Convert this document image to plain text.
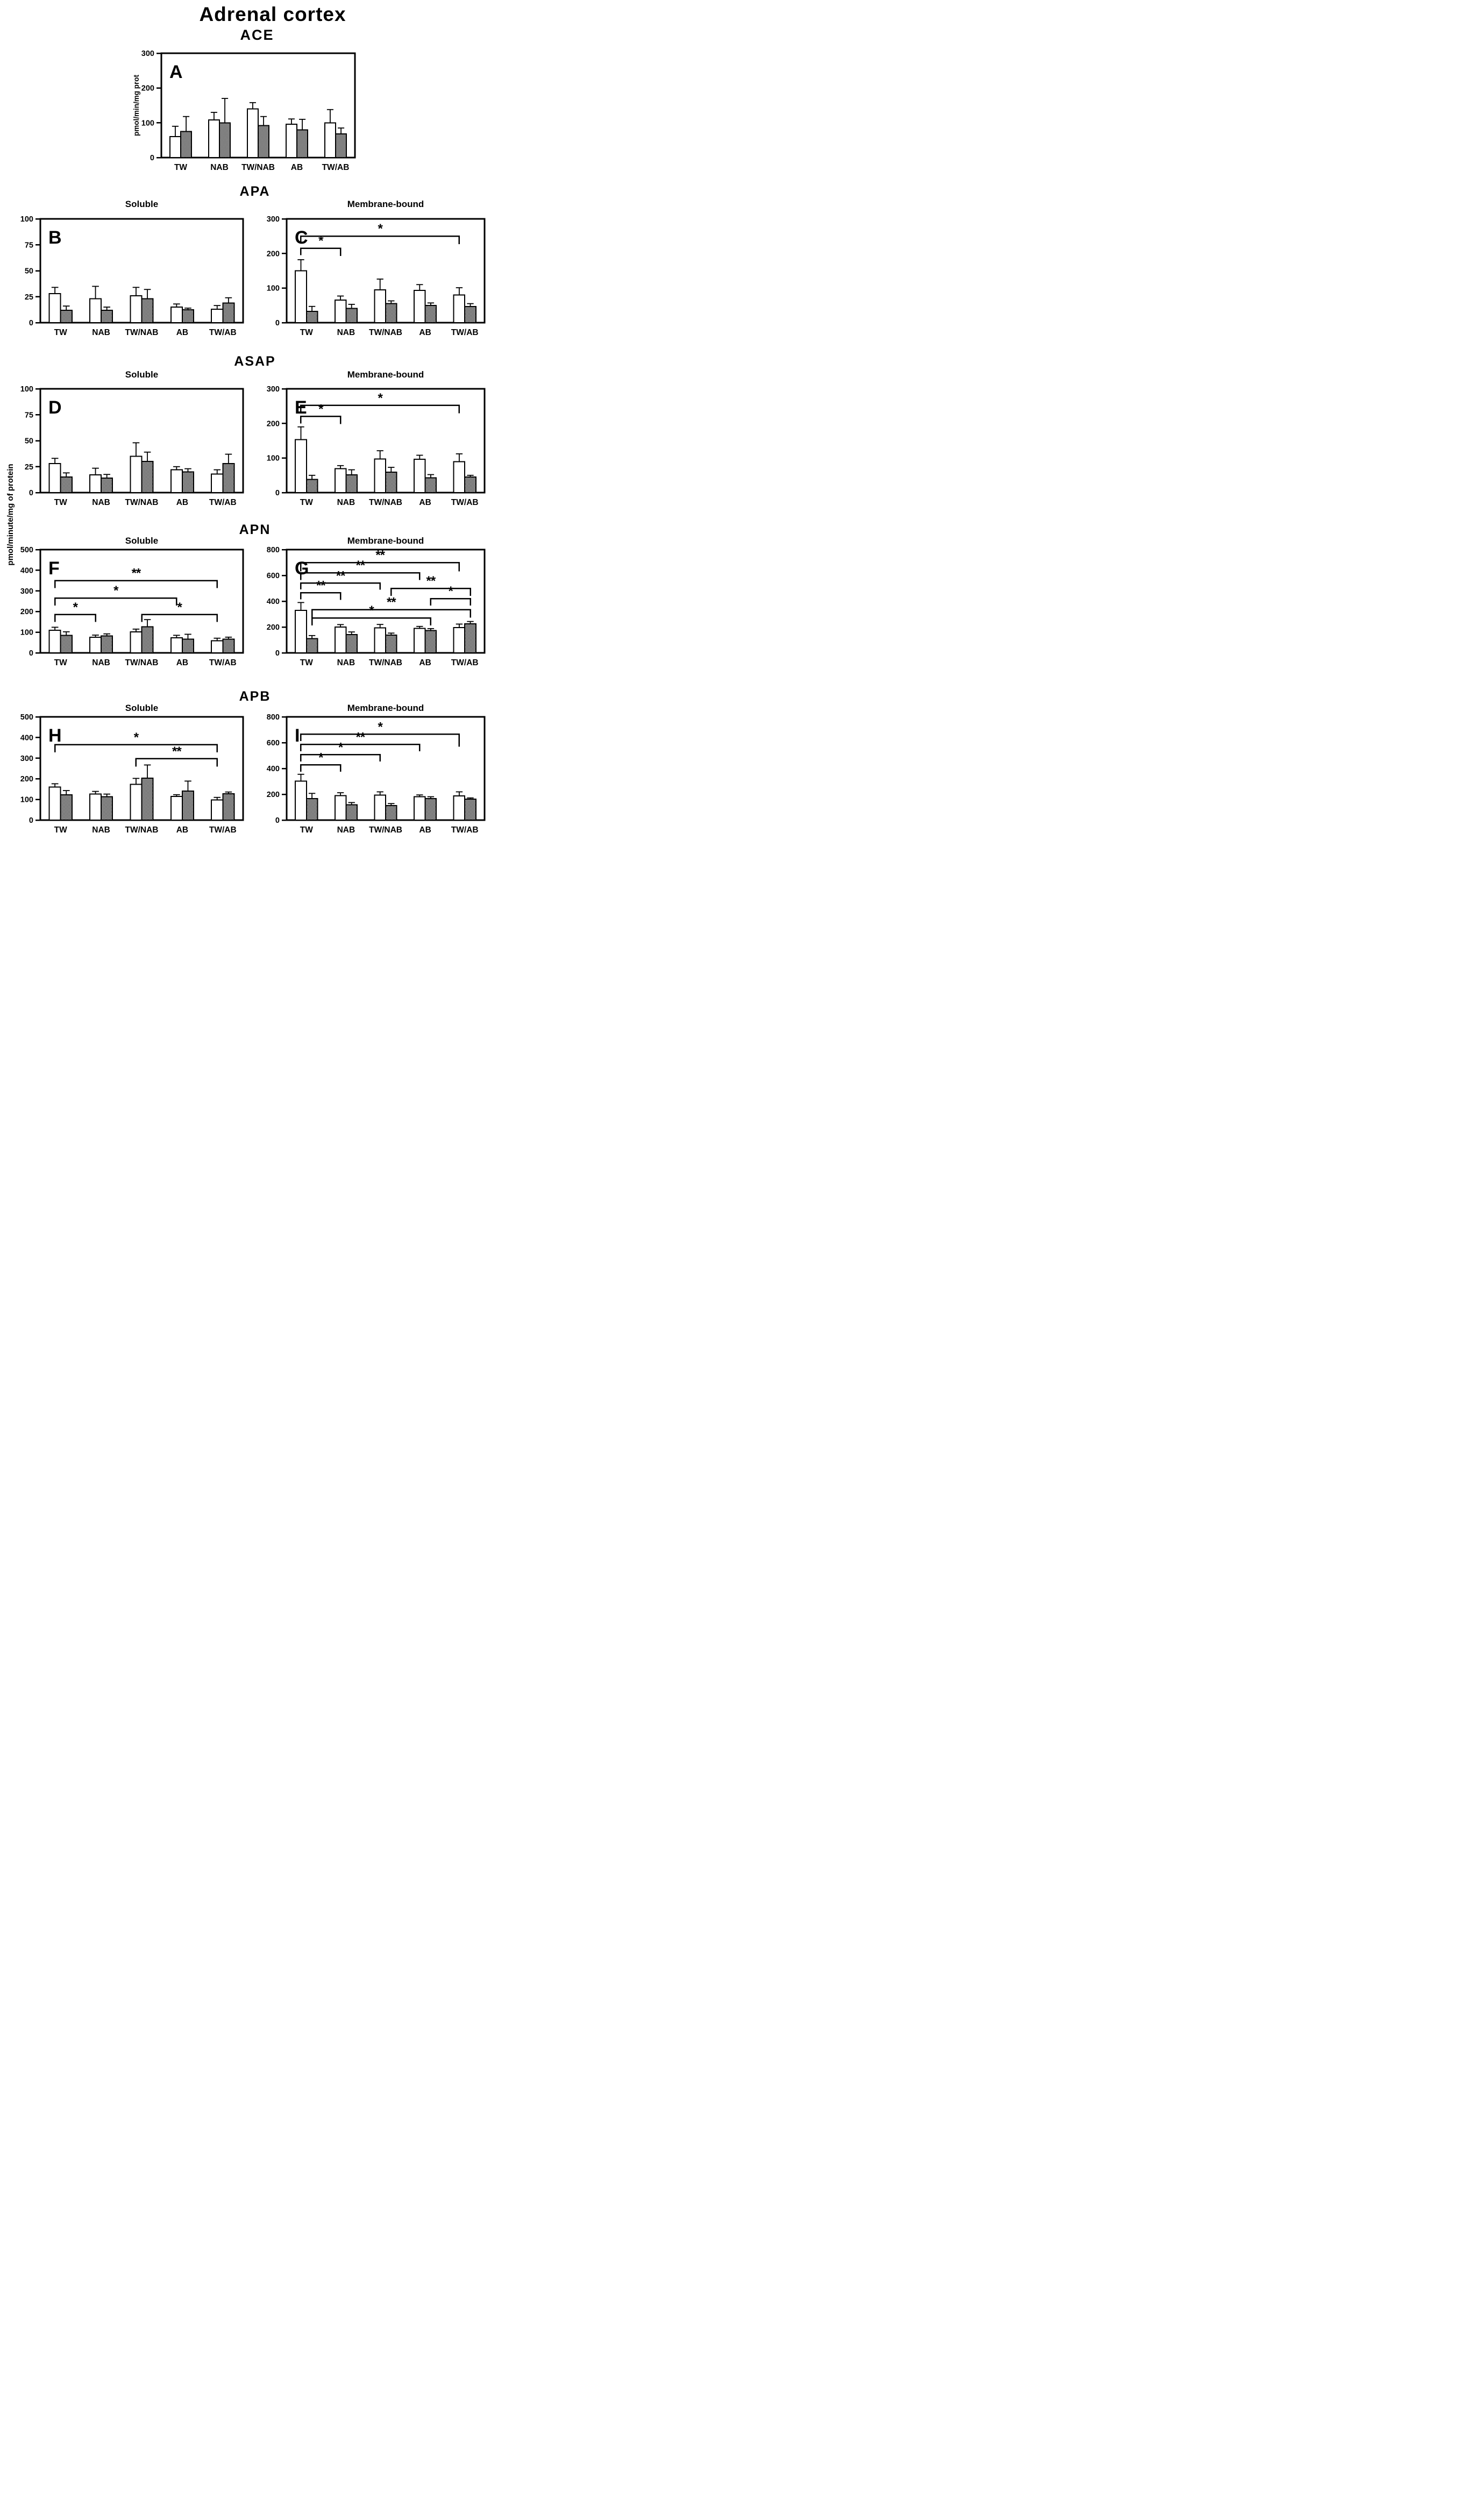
Adrenal cortex
ACE
APA
Soluble	Membrane-bound
ASAP
Soluble	Membrane-bound
APN
Soluble	Membrane-bound
APB
Soluble	Membrane-bound
pmol/minute/mg of protein
0
100
200
300
A
pmol/min/mg prot
TW	NAB TW/NAB AB TW/AB
0
25
50
75
100
B
TW	NAB TW/NAB AB	TW/AB
0
100
200
300
C
TW	NAB TW/NAB AB TW/AB
*
*
0
25
50
75
100
D
TW	NAB TW/NAB AB	TW/AB
0
100
200
300
E
TW	NAB TW/NAB AB TW/AB
*
*
0
100
200
300
400
500
F
TW	NAB TW/NAB AB	TW/AB
*
*
**
*
0
200
400
600
800
G
TW	NAB TW/NAB AB TW/AB
**
**
**
**
**
*
**
*
0
100
200
300
400
500
H
TW	NAB TW/NAB AB	TW/AB
*
**
0
200
400
600
800
I
TW	NAB TW/NAB AB TW/AB
*
*
**
*
